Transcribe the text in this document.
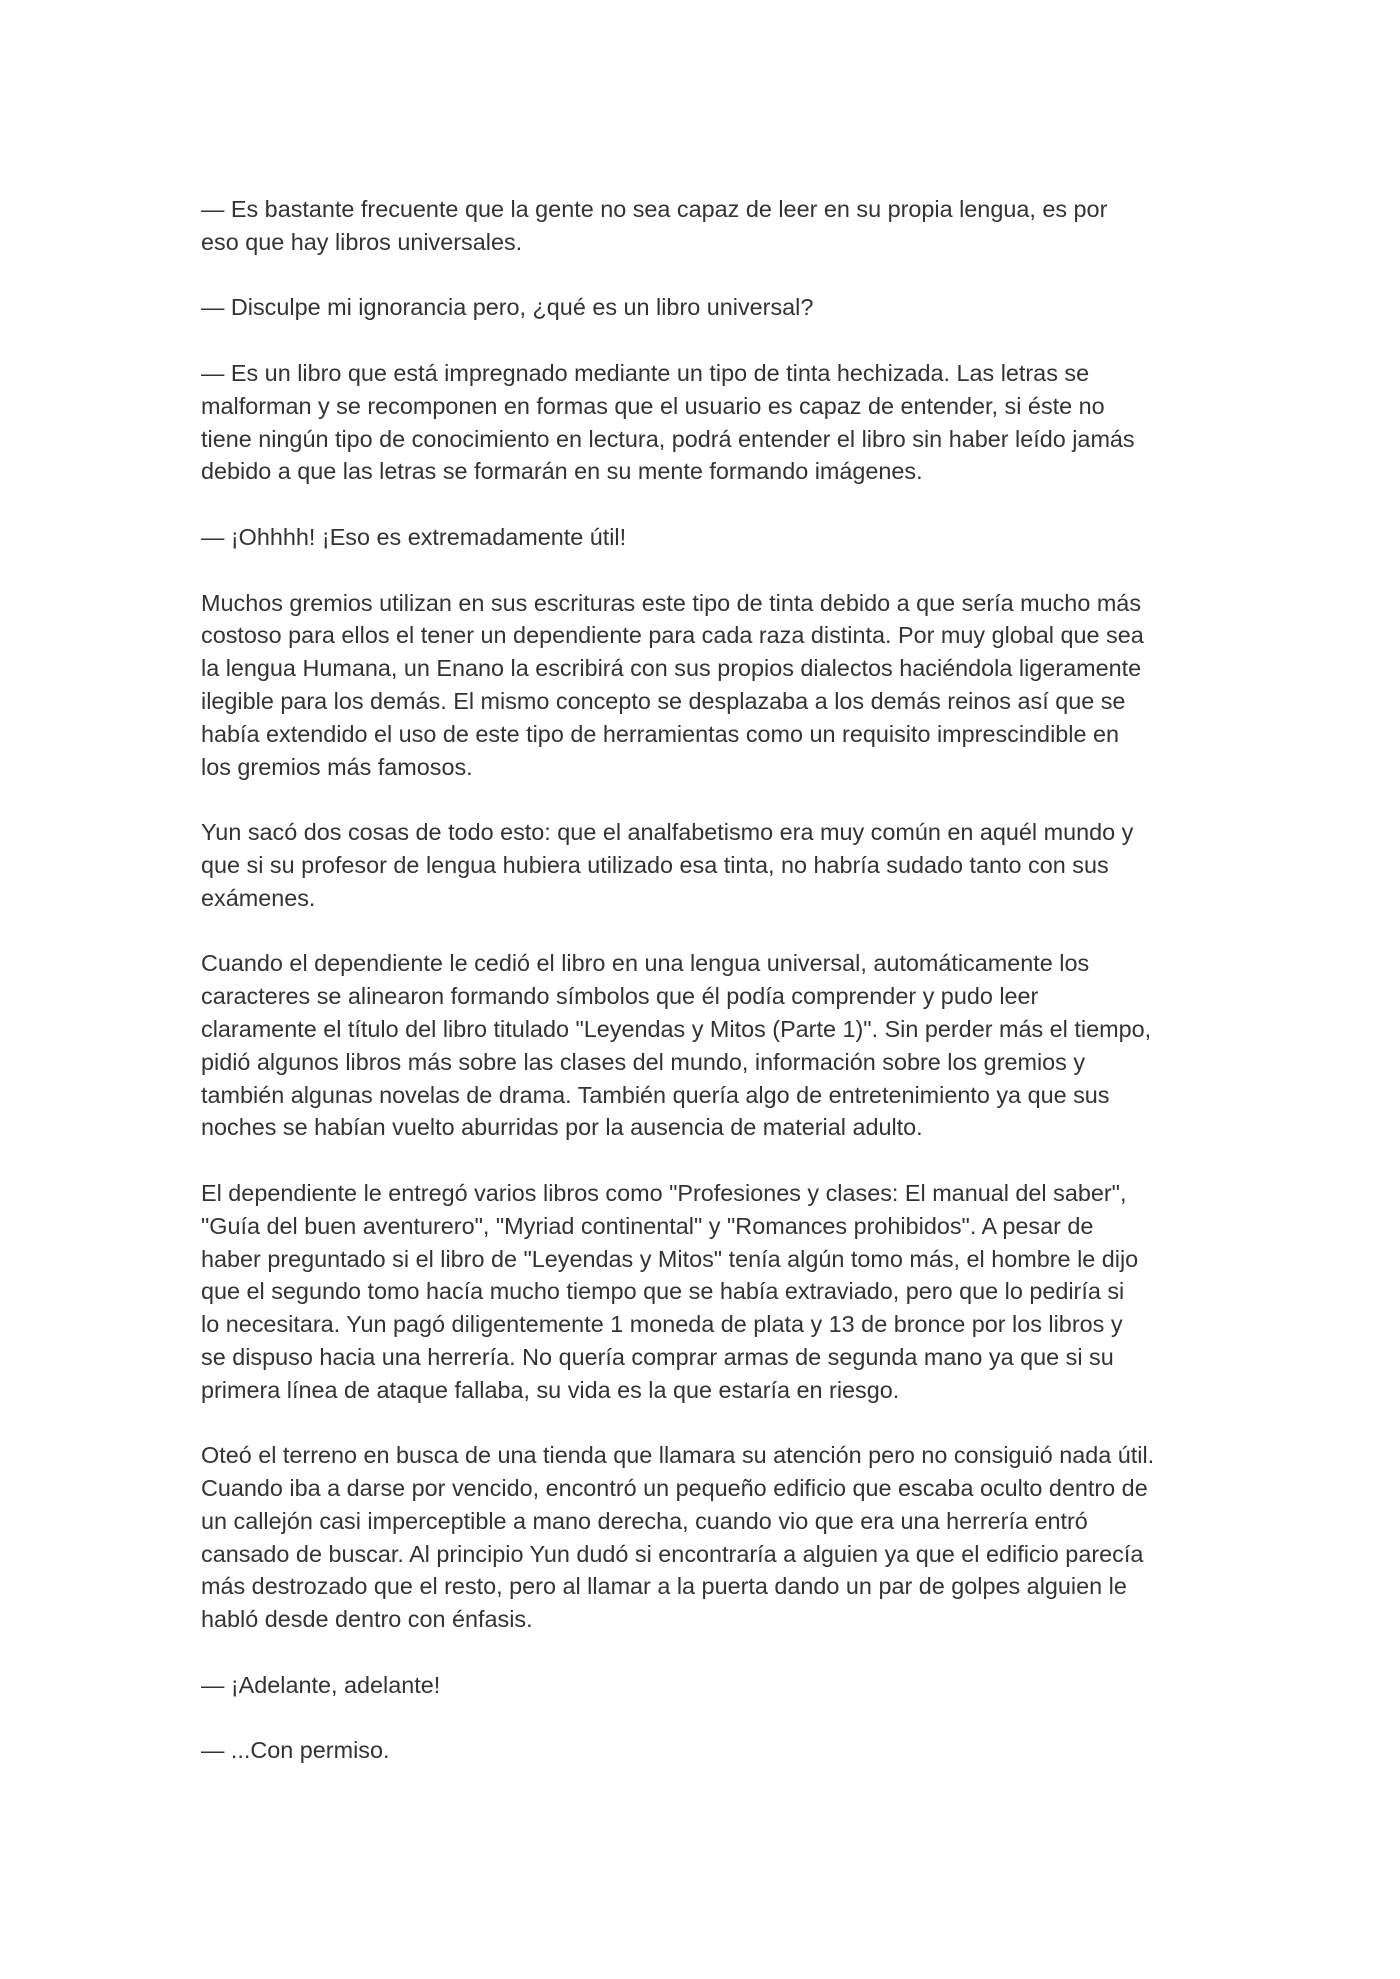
— Es bastante frecuente que la gente no sea capaz de leer en su propia lengua, es por
eso que hay libros universales.

— Disculpe mi ignorancia pero, ¿qué es un libro universal?

— Es un libro que está impregnado mediante un tipo de tinta hechizada. Las letras se
malforman y se recomponen en formas que el usuario es capaz de entender, si éste no
tiene ningún tipo de conocimiento en lectura, podrá entender el libro sin haber leído jamás
debido a que las letras se formarán en su mente formando imágenes.

— ¡Ohhhh! ¡Eso es extremadamente útil!

Muchos gremios utilizan en sus escrituras este tipo de tinta debido a que sería mucho más
costoso para ellos el tener un dependiente para cada raza distinta. Por muy global que sea
la lengua Humana, un Enano la escribirá con sus propios dialectos haciéndola ligeramente
ilegible para los demás. El mismo concepto se desplazaba a los demás reinos así que se
había extendido el uso de este tipo de herramientas como un requisito imprescindible en
los gremios más famosos.

Yun sacó dos cosas de todo esto: que el analfabetismo era muy común en aquél mundo y
que si su profesor de lengua hubiera utilizado esa tinta, no habría sudado tanto con sus
exámenes.

Cuando el dependiente le cedió el libro en una lengua universal, automáticamente los
caracteres se alinearon formando símbolos que él podía comprender y pudo leer
claramente el título del libro titulado "Leyendas y Mitos (Parte 1)". Sin perder más el tiempo,
pidió algunos libros más sobre las clases del mundo, información sobre los gremios y
también algunas novelas de drama. También quería algo de entretenimiento ya que sus
noches se habían vuelto aburridas por la ausencia de material adulto.

El dependiente le entregó varios libros como "Profesiones y clases: El manual del saber",
"Guía del buen aventurero", "Myriad continental" y "Romances prohibidos". A pesar de
haber preguntado si el libro de "Leyendas y Mitos" tenía algún tomo más, el hombre le dijo
que el segundo tomo hacía mucho tiempo que se había extraviado, pero que lo pediría si
lo necesitara. Yun pagó diligentemente 1 moneda de plata y 13 de bronce por los libros y
se dispuso hacia una herrería. No quería comprar armas de segunda mano ya que si su
primera línea de ataque fallaba, su vida es la que estaría en riesgo.

Oteó el terreno en busca de una tienda que llamara su atención pero no consiguió nada útil.
Cuando iba a darse por vencido, encontró un pequeño edificio que escaba oculto dentro de
un callejón casi imperceptible a mano derecha, cuando vio que era una herrería entró
cansado de buscar. Al principio Yun dudó si encontraría a alguien ya que el edificio parecía
más destrozado que el resto, pero al llamar a la puerta dando un par de golpes alguien le
habló desde dentro con énfasis.

— ¡Adelante, adelante!

— ...Con permiso.
